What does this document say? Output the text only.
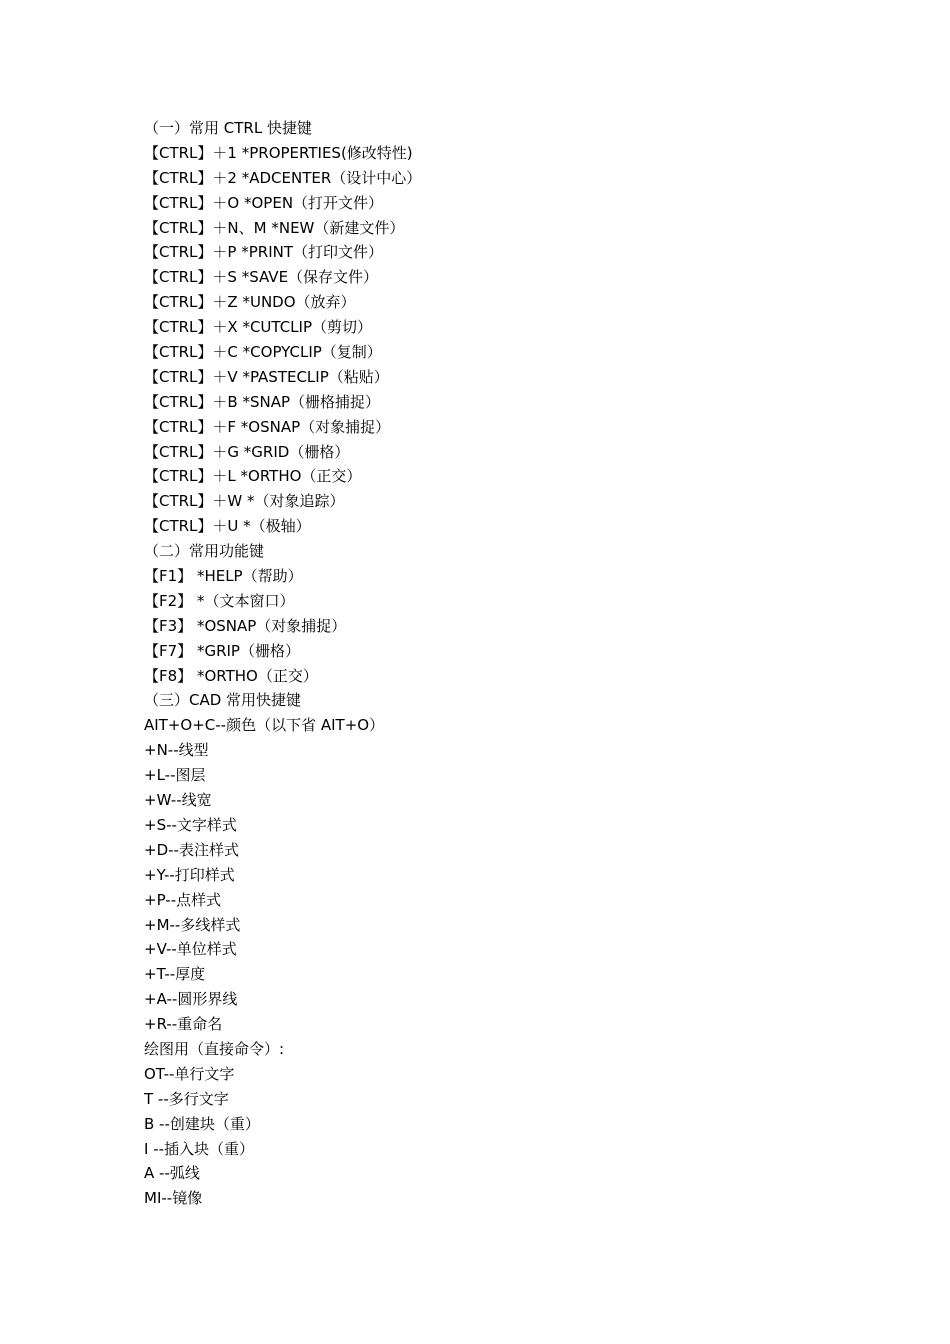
（一）常用 CTRL 快捷键
【CTRL】＋1 *PROPERTIES(修改特性)
【CTRL】＋2 *ADCENTER（设计中心）
【CTRL】＋O *OPEN（打开文件）
【CTRL】＋N、M *NEW（新建文件）
【CTRL】＋P *PRINT（打印文件）
【CTRL】＋S *SAVE（保存文件）
【CTRL】＋Z *UNDO（放弃）
【CTRL】＋X *CUTCLIP（剪切）
【CTRL】＋C *COPYCLIP（复制）
【CTRL】＋V *PASTECLIP（粘贴）
【CTRL】＋B *SNAP（栅格捕捉）
【CTRL】＋F *OSNAP（对象捕捉）
【CTRL】＋G *GRID（栅格）
【CTRL】＋L *ORTHO（正交）
【CTRL】＋W *（对象追踪）
【CTRL】＋U *（极轴）
（二）常用功能键
【F1】 *HELP（帮助）
【F2】 *（文本窗口）
【F3】 *OSNAP（对象捕捉）
【F7】 *GRIP（栅格）
【F8】 *ORTHO（正交）
（三）CAD 常用快捷键
AIT+O+C--颜色（以下省 AIT+O）
+N--线型
+L--图层
+W--线宽
+S--文字样式
+D--表注样式
+Y--打印样式
+P--点样式
+M--多线样式
+V--单位样式
+T--厚度
+A--圆形界线
+R--重命名
绘图用（直接命令）:
OT--单行文字
T --多行文字
B --创建块（重）
I --插入块（重）
A --弧线
MI--镜像
